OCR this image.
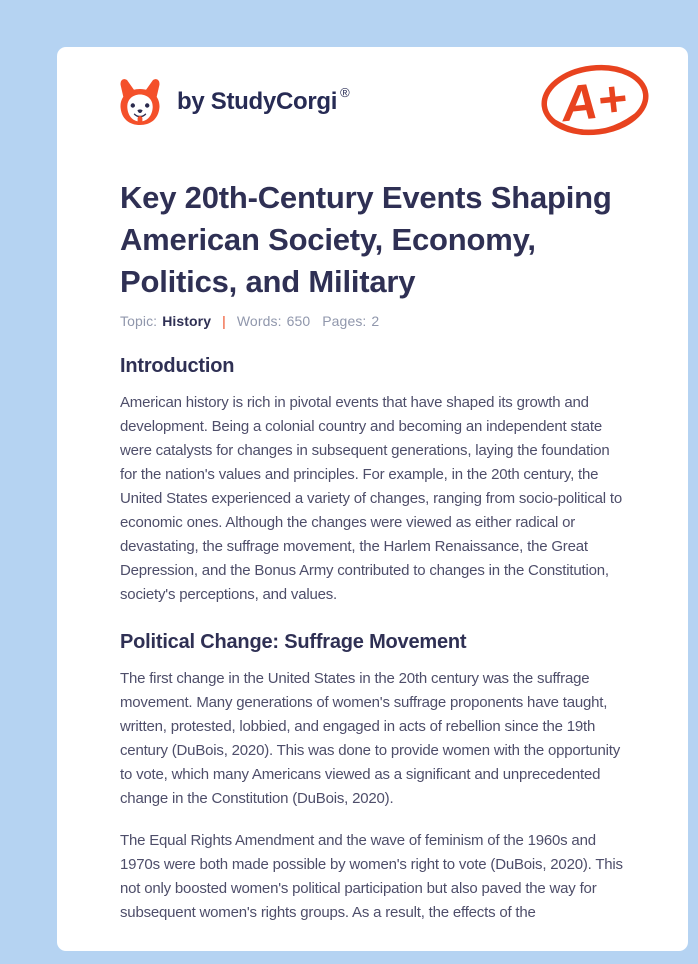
by StudyCorgi ®	A+
Key 20th-Century Events Shaping American Society, Economy, Politics, and Military
Topic: History | Words: 650 Pages: 2
Introduction

American history is rich in pivotal events that have shaped its growth and development. Being a colonial country and becoming an independent state were catalysts for changes in subsequent generations, laying the foundation for the nation's values and principles. For example, in the 20th century, the United States experienced a variety of changes, ranging from socio-political to economic ones. Although the changes were viewed as either radical or devastating, the suffrage movement, the Harlem Renaissance, the Great Depression, and the Bonus Army contributed to changes in the Constitution, society's perceptions, and values.

Political Change: Suffrage Movement

The first change in the United States in the 20th century was the suffrage movement. Many generations of women's suffrage proponents have taught, written, protested, lobbied, and engaged in acts of rebellion since the 19th century (DuBois, 2020). This was done to provide women with the opportunity to vote, which many Americans viewed as a significant and unprecedented change in the Constitution (DuBois, 2020).

The Equal Rights Amendment and the wave of feminism of the 1960s and 1970s were both made possible by women's right to vote (DuBois, 2020). This not only boosted women's political participation but also paved the way for subsequent women's rights groups. As a result, the effects of the
